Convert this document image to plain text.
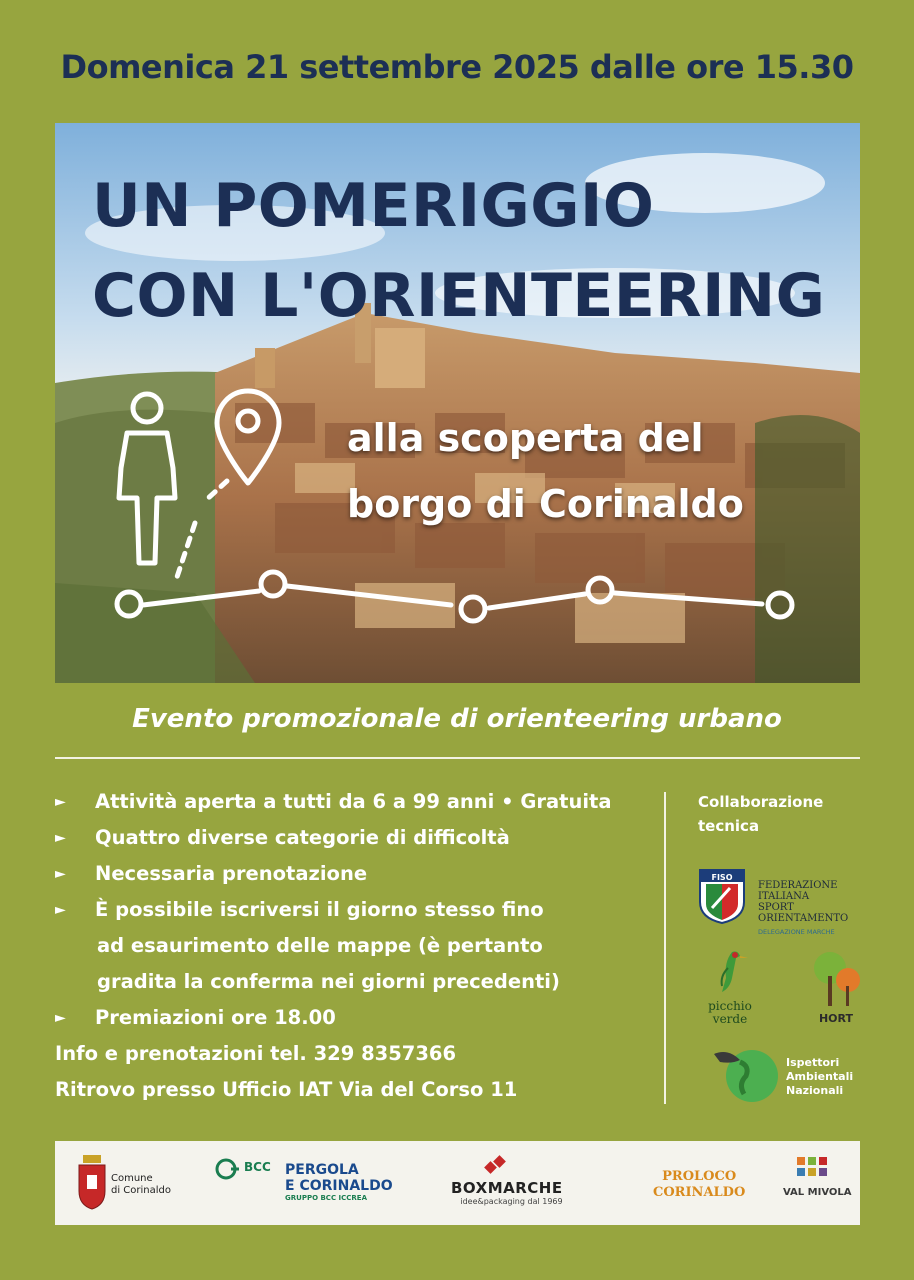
Domenica 21 settembre 2025 dalle ore 15.30
UN POMERIGGIO
CON L'ORIENTEERING
alla scoperta del
borgo di Corinaldo
Evento promozionale di orienteering urbano
► Attività aperta a tutti da 6 a 99 anni • Gratuita
► Quattro diverse categorie di difficoltà
► Necessaria prenotazione
► È possibile iscriversi il giorno stesso fino
ad esaurimento delle mappe (è pertanto
gradita la conferma nei giorni precedenti)
► Premiazioni ore 18.00
Info e prenotazioni tel. 329 8357366
Ritrovo presso Ufficio IAT Via del Corso 11
Collaborazione
tecnica
FISO
FEDERAZIONE
ITALIANA
SPORT
ORIENTAMENTO
DELEGAZIONE MARCHE
picchio
verde	HORT
Ispettori
Ambientali
Nazionali
Comune
di Corinaldo
BCC PERGOLA
E CORINALDO
GRUPPO BCC ICCREA
BOXMARCHE
idee&packaging dal 1969
PROLOCO
CORINALDO	VAL MIVOLA
